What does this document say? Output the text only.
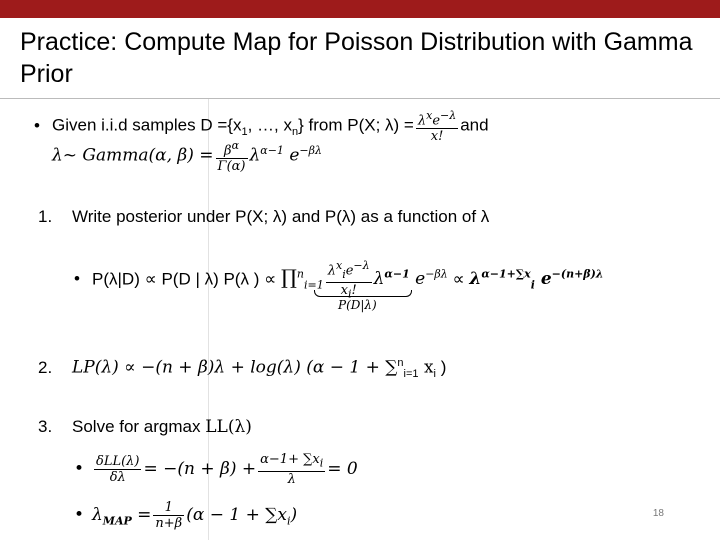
Practice: Compute Map for Poisson Distribution with Gamma Prior
• Given i.i.d samples $D =\{x_1$, …, $x_n$} from P(X; $\lambda) = \frac{\lambda^xe^{-\lambda}}{x!}$ and
λ~ Gamma(α, $\beta) = \frac{\beta^\alpha}{\Gamma(\alpha)} \lambda^{\alpha-1}$ $e^{-\beta\lambda}$
1. Write posterior under P(X; λ) and P(λ) as a function of λ
• P(λ|D) ∝ P(D | λ) P(λ ) ∝ ∏$^n_{i=1}$ $\frac{\lambda^x_ie^{-\lambda}}{x_i!} \lambda^{\alpha-1}$ $e^{-\beta\lambda} \propto \lambda^{\alpha-1+\sum x}_i$ $e^{-(n+\beta)\lambda}$
P(D|λ)
2. LP(λ) ∝ −(n + β)λ + log(λ) (α − 1 + ∑$^n_{i=1}$ $x_i$ )
3. Solve for argmax LL(λ)
• $\frac{\text{δLL(λ)}}{\delta\lambda} = -(n + \beta) + \frac{\alpha-1+ \sum x_i}{\lambda} = 0$
• $\lambda_{MAP} = \frac{1}{n+\beta} (\alpha - 1 + \sum x_i)$	18
